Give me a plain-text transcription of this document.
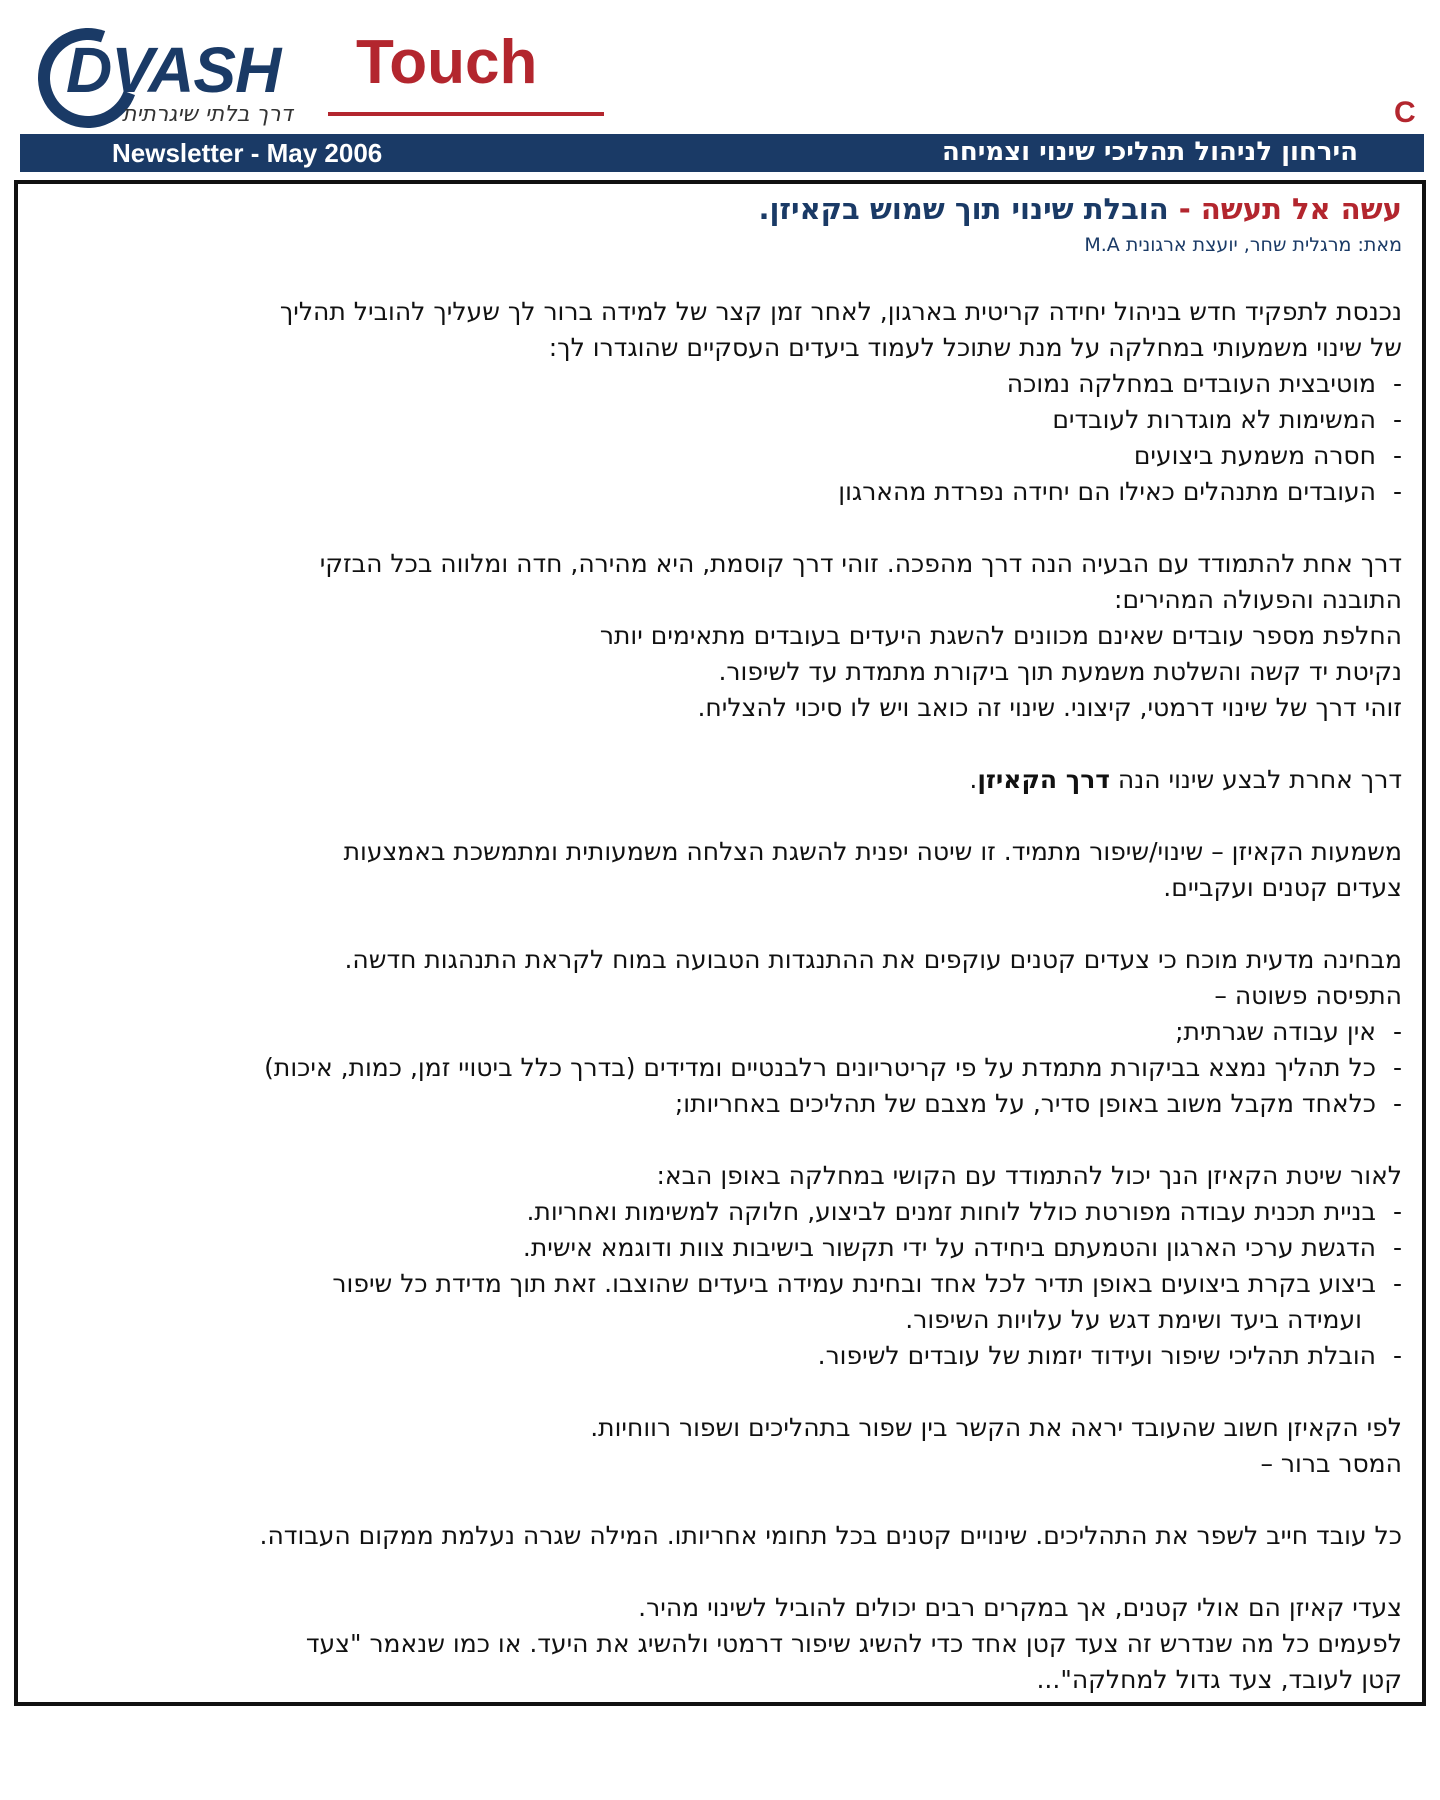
DVASH Touch
דרך בלתי שיגרתית	C
Newsletter - May 2006	הירחון לניהול תהליכי שינוי וצמיחה
עשה אל תעשה - הובלת שינוי תוך שמוש בקאיזן.
מאת: מרגלית שחר, יועצת ארגונית M.A
נכנסת לתפקיד חדש בניהול יחידה קריטית בארגון, לאחר זמן קצר של למידה ברור לך שעליך להוביל תהליך
של שינוי משמעותי במחלקה על מנת שתוכל לעמוד ביעדים העסקיים שהוגדרו לך:
- מוטיבצית העובדים במחלקה נמוכה
- המשימות לא מוגדרות לעובדים
- חסרה משמעת ביצועים
- העובדים מתנהלים כאילו הם יחידה נפרדת מהארגון
דרך אחת להתמודד עם הבעיה הנה דרך מהפכה. זוהי דרך קוסמת, היא מהירה, חדה ומלווה בכל הבזקי
התובנה והפעולה המהירים:
החלפת מספר עובדים שאינם מכוונים להשגת היעדים בעובדים מתאימים יותר
נקיטת יד קשה והשלטת משמעת תוך ביקורת מתמדת עד לשיפור.
זוהי דרך של שינוי דרמטי, קיצוני. שינוי זה כואב ויש לו סיכוי להצליח.
דרך אחרת לבצע שינוי הנה דרך הקאיזן.
משמעות הקאיזן – שינוי/שיפור מתמיד. זו שיטה יפנית להשגת הצלחה משמעותית ומתמשכת באמצעות
צעדים קטנים ועקביים.
מבחינה מדעית מוכח כי צעדים קטנים עוקפים את ההתנגדות הטבועה במוח לקראת התנהגות חדשה.
התפיסה פשוטה –
- אין עבודה שגרתית;
- כל תהליך נמצא בביקורת מתמדת על פי קריטריונים רלבנטיים ומדידים (בדרך כלל ביטויי זמן, כמות, איכות)
- כלאחד מקבל משוב באופן סדיר, על מצבם של תהליכים באחריותו;
לאור שיטת הקאיזן הנך יכול להתמודד עם הקושי במחלקה באופן הבא:
- בניית תכנית עבודה מפורטת כולל לוחות זמנים לביצוע, חלוקה למשימות ואחריות.
- הדגשת ערכי הארגון והטמעתם ביחידה על ידי תקשור בישיבות צוות ודוגמא אישית.
- ביצוע בקרת ביצועים באופן תדיר לכל אחד ובחינת עמידה ביעדים שהוצבו. זאת תוך מדידת כל שיפור
ועמידה ביעד ושימת דגש על עלויות השיפור.
- הובלת תהליכי שיפור ועידוד יזמות של עובדים לשיפור.
לפי הקאיזן חשוב שהעובד יראה את הקשר בין שפור בתהליכים ושפור רווחיות.
המסר ברור –
כל עובד חייב לשפר את התהליכים. שינויים קטנים בכל תחומי אחריותו. המילה שגרה נעלמת ממקום העבודה.
צעדי קאיזן הם אולי קטנים, אך במקרים רבים יכולים להוביל לשינוי מהיר.
לפעמים כל מה שנדרש זה צעד קטן אחד כדי להשיג שיפור דרמטי ולהשיג את היעד. או כמו שנאמר "צעד
קטן לעובד, צעד גדול למחלקה"...
